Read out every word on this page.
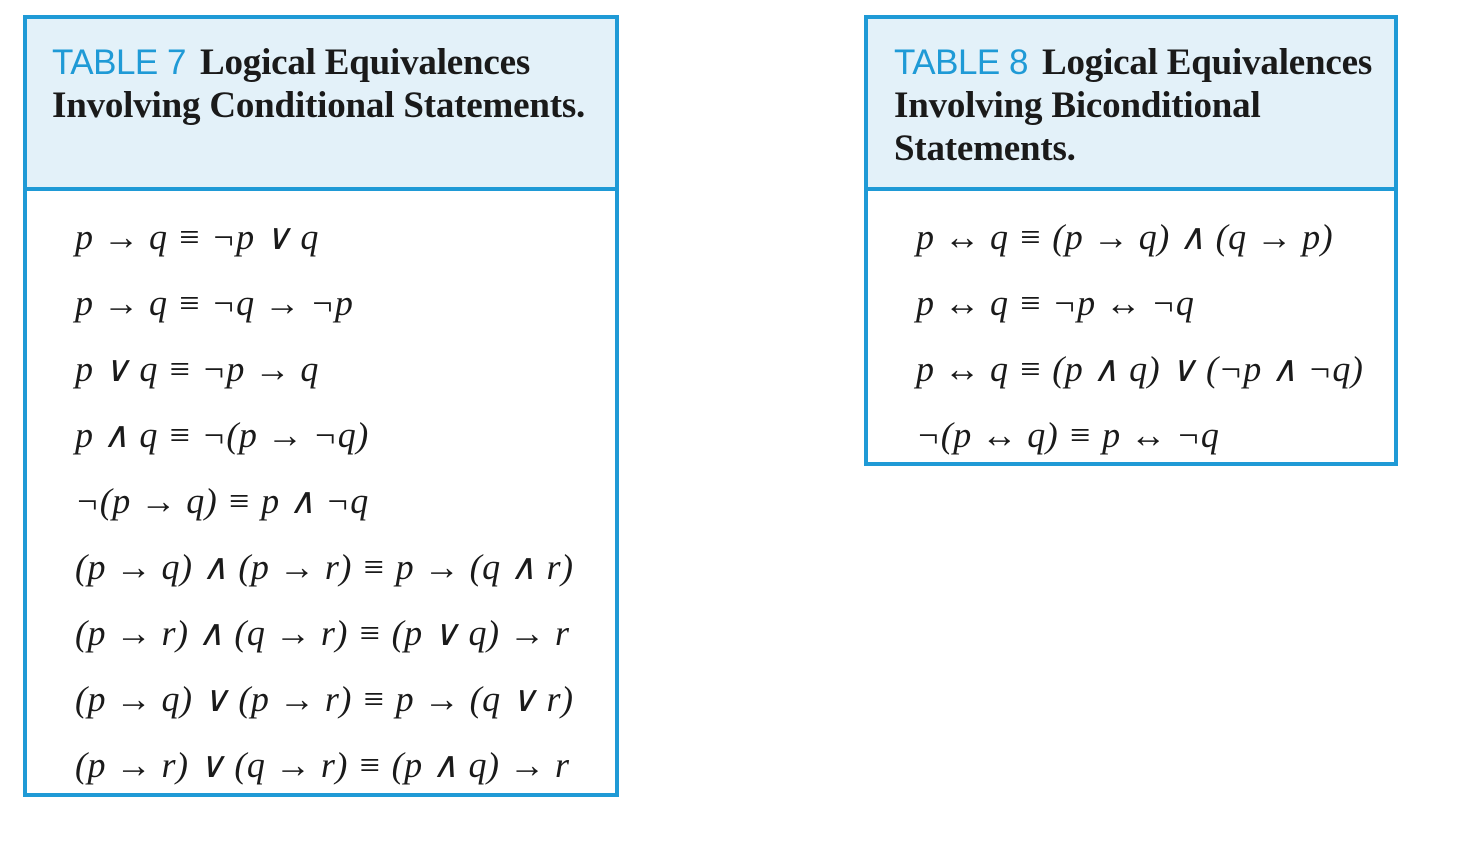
TABLE 7 Logical Equivalences Involving Conditional Statements.
p → q ≡ ¬p ∨ q
p → q ≡ ¬q → ¬p
p ∨ q ≡ ¬p → q
p ∧ q ≡ ¬(p → ¬q)
¬(p → q) ≡ p ∧ ¬q
(p → q) ∧ (p → r) ≡ p → (q ∧ r)
(p → r) ∧ (q → r) ≡ (p ∨ q) → r
(p → q) ∨ (p → r) ≡ p → (q ∨ r)
(p → r) ∨ (q → r) ≡ (p ∧ q) → r
TABLE 8 Logical Equivalences Involving Biconditional Statements.
p ↔ q ≡ (p → q) ∧ (q → p)
p ↔ q ≡ ¬p ↔ ¬q
p ↔ q ≡ (p ∧ q) ∨ (¬p ∧ ¬q)
¬(p ↔ q) ≡ p ↔ ¬q
